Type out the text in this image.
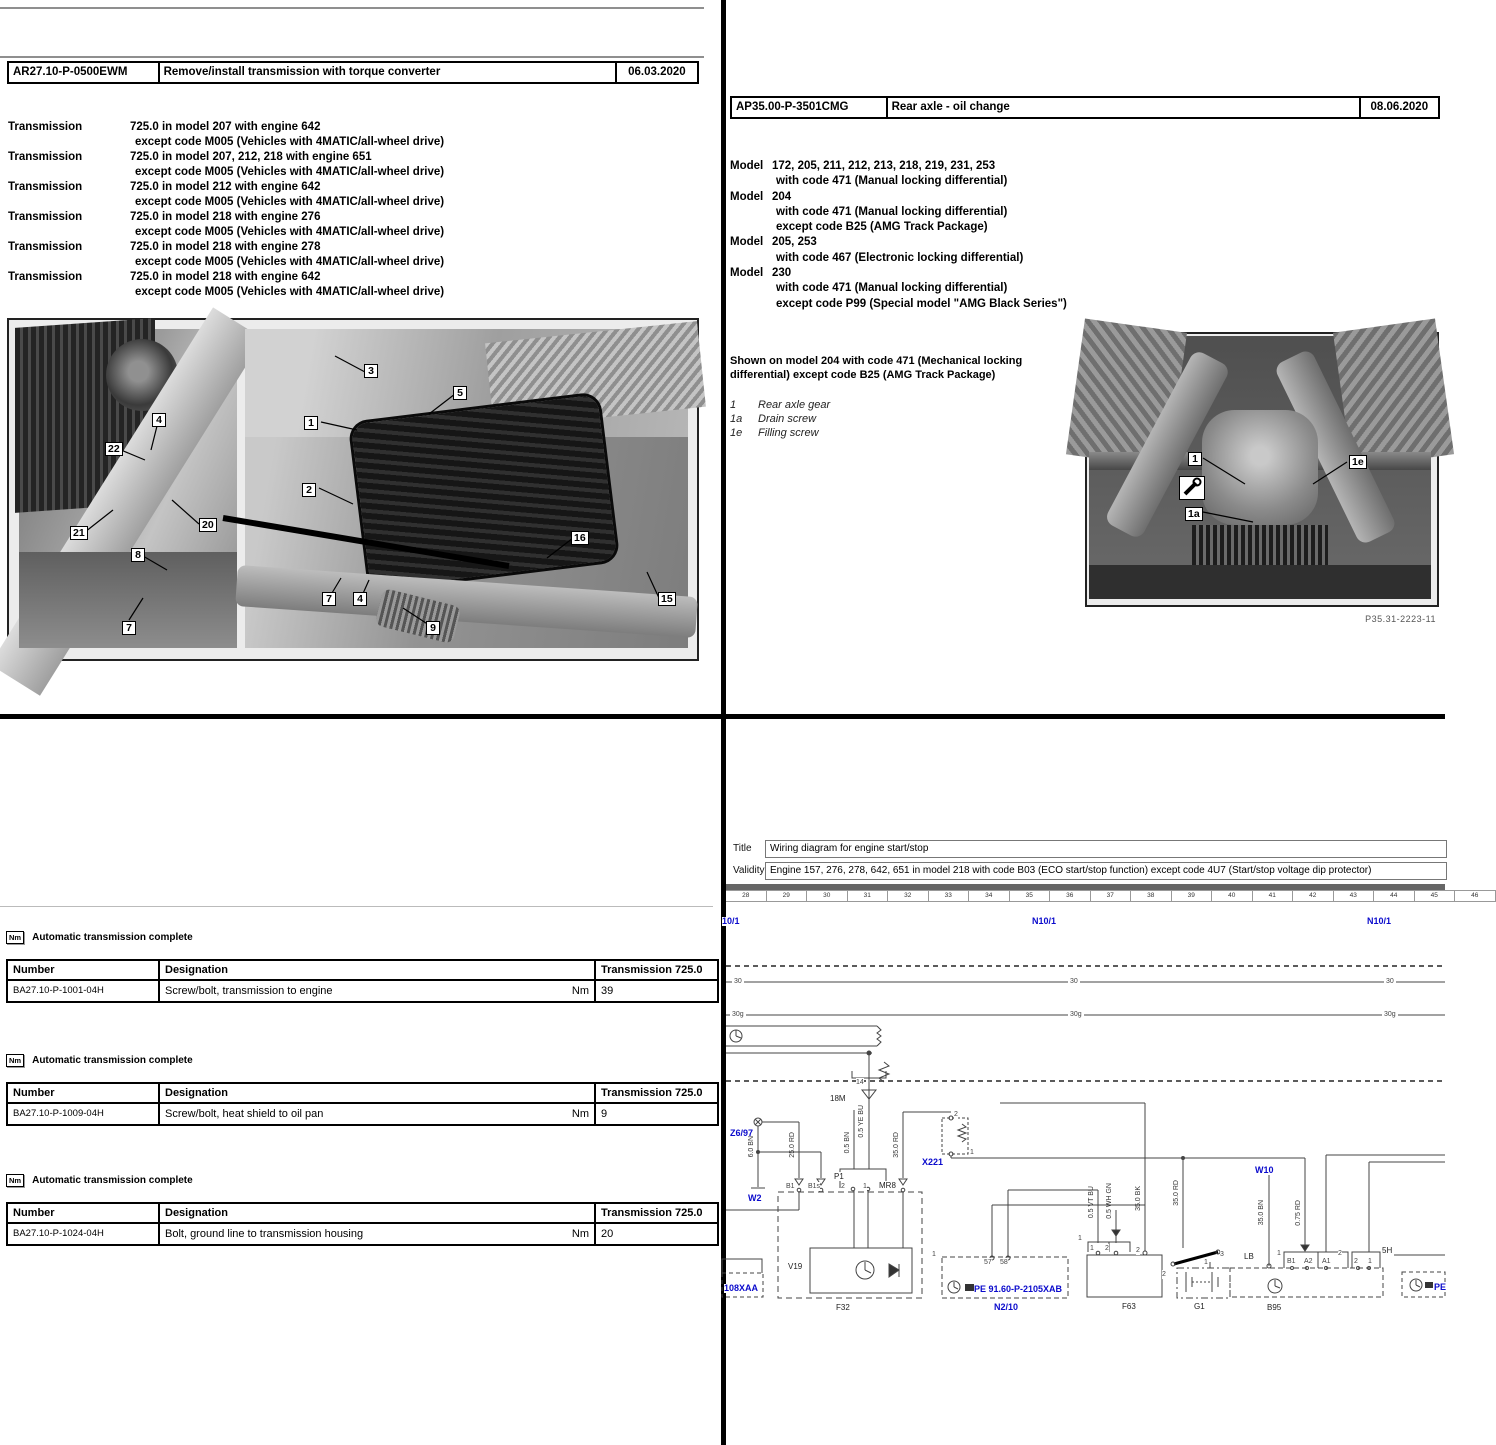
AR27.10-P-0500EWM	Remove/install transmission with torque converter	06.03.2020
Transmission	725.0 in model 207 with engine 642
except code M005 (Vehicles with 4MATIC/all-wheel drive)
Transmission	725.0 in model 207, 212, 218 with engine 651
except code M005 (Vehicles with 4MATIC/all-wheel drive)
Transmission	725.0 in model 212 with engine 642
except code M005 (Vehicles with 4MATIC/all-wheel drive)
Transmission	725.0 in model 218 with engine 276
except code M005 (Vehicles with 4MATIC/all-wheel drive)
Transmission	725.0 in model 218 with engine 278
except code M005 (Vehicles with 4MATIC/all-wheel drive)
Transmission	725.0 in model 218 with engine 642
except code M005 (Vehicles with 4MATIC/all-wheel drive)
4
22
21
20
8
7
3
5
1
2
16
7	4
9
15
AP35.00-P-3501CMG	Rear axle - oil change	08.06.2020
Model 172, 205, 211, 212, 213, 218, 219, 231, 253
with code 471 (Manual locking differential)
Model 204
with code 471 (Manual locking differential)
except code B25 (AMG Track Package)
Model 205, 253
with code 467 (Electronic locking differential)
Model 230
with code 471 (Manual locking differential)
except code P99 (Special model "AMG Black Series")
Shown on model 204 with code 471 (Mechanical locking differential) except code B25 (AMG Track Package)
1 Rear axle gear
1a Drain screw
1e Filling screw
1	1e
1a
P35.31-2223-11
Nm	Automatic transmission complete
Number	Designation	Transmission 725.0
BA27.10-P-1001-04H	Screw/bolt, transmission to engine	Nm	39
Nm	Automatic transmission complete
Number	Designation	Transmission 725.0
BA27.10-P-1009-04H	Screw/bolt, heat shield to oil pan	Nm	9
Nm	Automatic transmission complete
Number	Designation	Transmission 725.0
BA27.10-P-1024-04H	Bolt, ground line to transmission housing	Nm	20
Title	Wiring diagram for engine start/stop
Validity Engine 157, 276, 278, 642, 651 in model 218 with code B03 (ECO start/stop function) except code 4U7 (Start/stop voltage dip protector)
28	29	30	31	32	33	34	35	36	37	38	39	40	41	42	43	44	45	46
10/1	N10/1	N10/1
Z6/97
W2
X221
W10
108XAA	PE 91.60-P-2105XAB
N2/10
PE
18M
14
B1 B1s
P1
2	1 MR8
2
1
V19
F32
1
57 58
F63
1
1 2	2
G1
3
2
1
B95
LB	1
B1 A2 A1
2
2 1
5H
30	30	30
30g	30g	30g
6.0 BN	25.0 RD	0.5 BN
0.5 YE BU
35.0 RD
0.5 VT BU 0.5 WH GN	35.0 BK	35.0 RD
35.0 BN	0.75 RD
